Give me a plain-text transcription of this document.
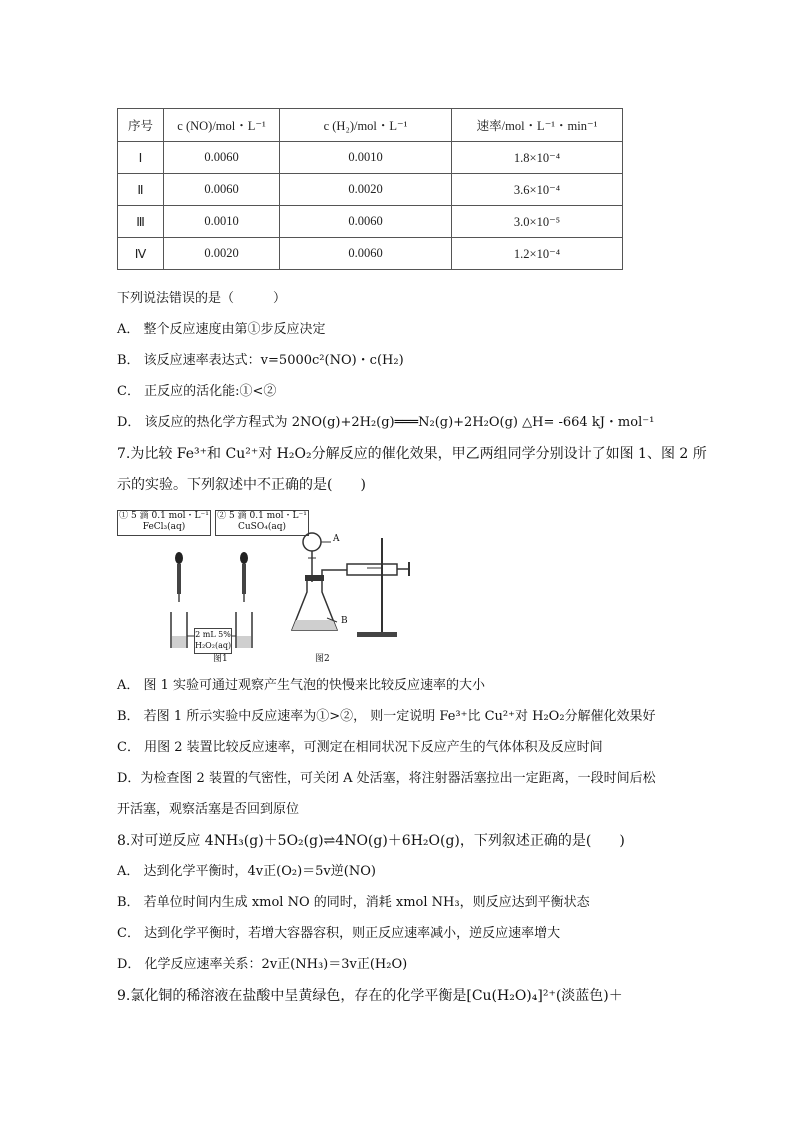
序号	c (NO)/mol・L⁻¹	c (H₂)/mol・L⁻¹	速率/mol・L⁻¹・min⁻¹
Ⅰ	0.0060	0.0010	1.8×10⁻⁴
Ⅱ	0.0060	0.0020	3.6×10⁻⁴
Ⅲ	0.0010	0.0060	3.0×10⁻⁵
Ⅳ	0.0020	0.0060	1.2×10⁻⁴
下列说法错误的是（　　　）
A． 整个反应速度由第①步反应决定
B． 该反应速率表达式：v=5000c²(NO)・c(H₂)
C． 正反应的活化能:①<②
D． 该反应的热化学方程式为 2NO(g)+2H₂(g)═══N₂(g)+2H₂O(g) △H= -664 kJ・mol⁻¹
7.为比较 Fe³⁺和 Cu²⁺对 H₂O₂分解反应的催化效果，甲乙两组同学分别设计了如图 1、图 2 所
示的实验。下列叙述中不正确的是(　　)
① 5 滴 0.1 mol・L⁻¹
FeCl₃(aq)
② 5 滴 0.1 mol・L⁻¹
CuSO₄(aq)
2 mL 5%
H₂O₂(aq)
图1
A
B
图2
A． 图 1 实验可通过观察产生气泡的快慢来比较反应速率的大小
B． 若图 1 所示实验中反应速率为①>②， 则一定说明 Fe³⁺比 Cu²⁺对 H₂O₂分解催化效果好
C． 用图 2 装置比较反应速率，可测定在相同状况下反应产生的气体体积及反应时间
D．为检查图 2 装置的气密性，可关闭 A 处活塞，将注射器活塞拉出一定距离，一段时间后松
开活塞，观察活塞是否回到原位
8.对可逆反应 4NH₃(g)＋5O₂(g)⇌4NO(g)＋6H₂O(g)，下列叙述正确的是(　　)
A． 达到化学平衡时，4v正(O₂)＝5v逆(NO)
B． 若单位时间内生成 xmol NO 的同时，消耗 xmol NH₃，则反应达到平衡状态
C． 达到化学平衡时，若增大容器容积，则正反应速率减小，逆反应速率增大
D． 化学反应速率关系：2v正(NH₃)＝3v正(H₂O)
9.氯化铜的稀溶液在盐酸中呈黄绿色，存在的化学平衡是[Cu(H₂O)₄]²⁺(淡蓝色)＋
